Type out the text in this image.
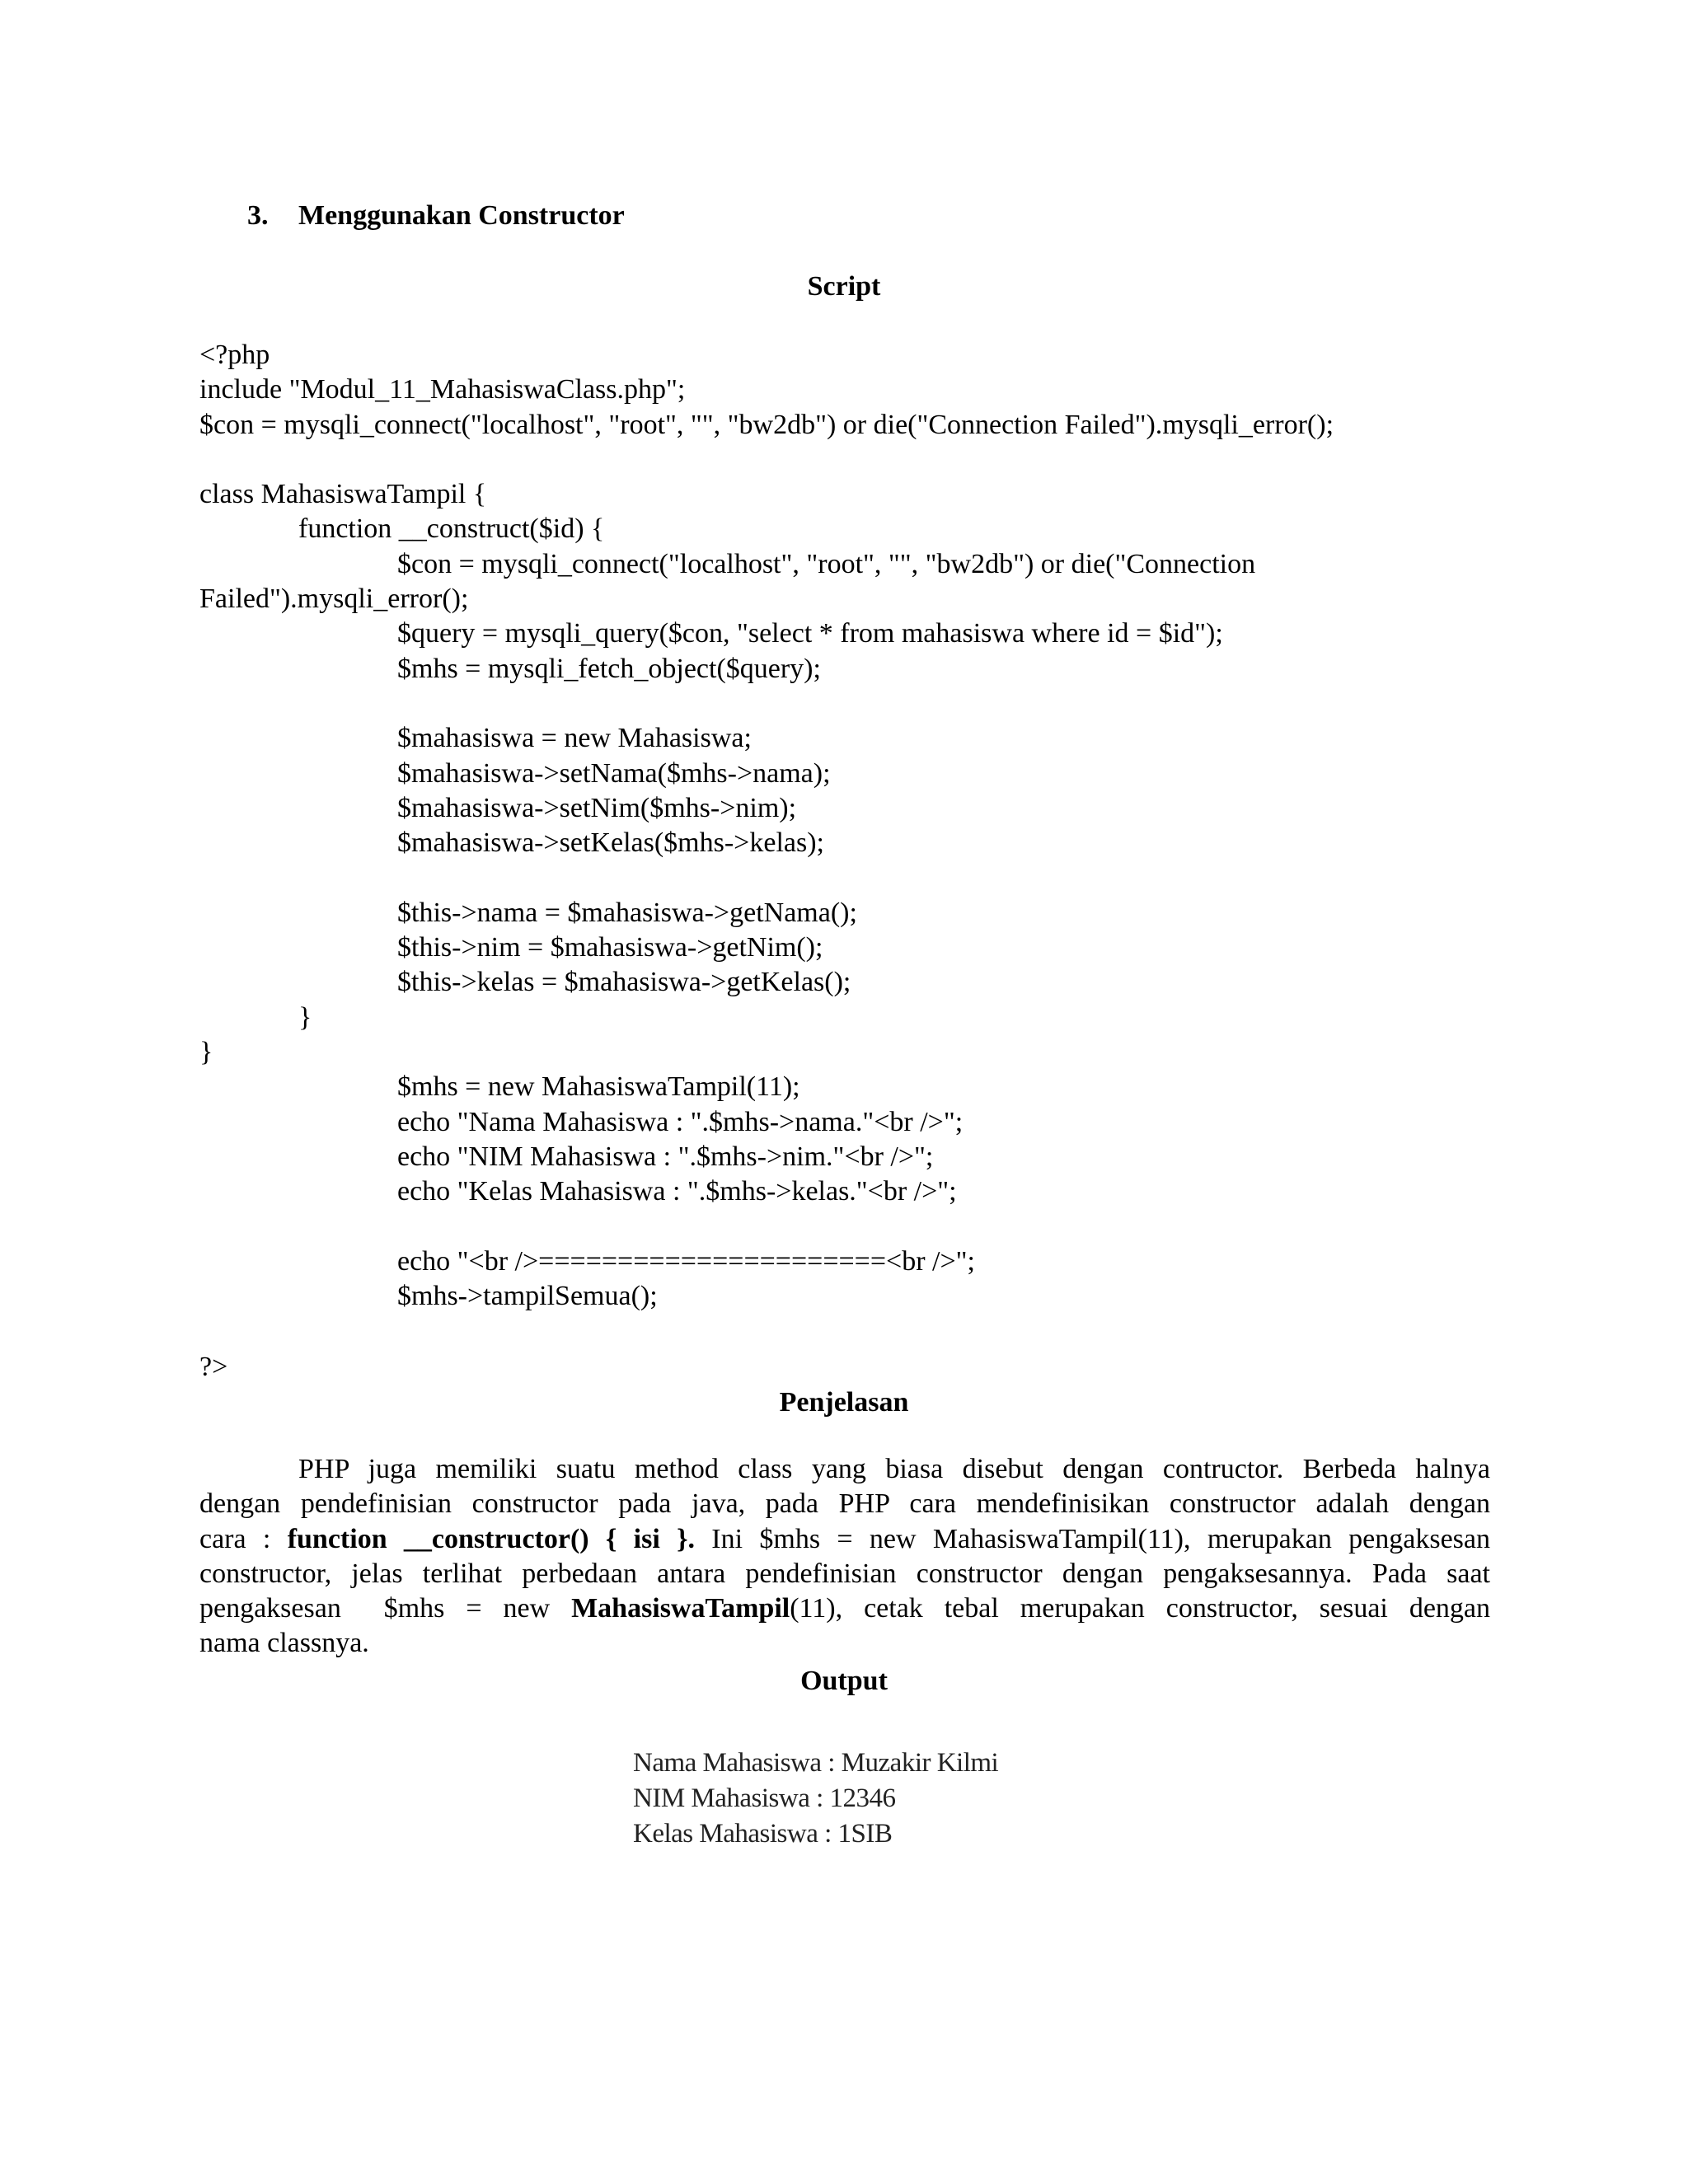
3. Menggunakan Constructor
Script
<?php
include "Modul_11_MahasiswaClass.php";
$con = mysqli_connect("localhost", "root", "", "bw2db") or die("Connection Failed").mysqli_error();
class MahasiswaTampil {
function __construct($id) {
$con = mysqli_connect("localhost", "root", "", "bw2db") or die("Connection
Failed").mysqli_error();
$query = mysqli_query($con, "select * from mahasiswa where id = $id");
$mhs = mysqli_fetch_object($query);
$mahasiswa = new Mahasiswa;
$mahasiswa->setNama($mhs->nama);
$mahasiswa->setNim($mhs->nim);
$mahasiswa->setKelas($mhs->kelas);
$this->nama = $mahasiswa->getNama();
$this->nim = $mahasiswa->getNim();
$this->kelas = $mahasiswa->getKelas();
}
}
$mhs = new MahasiswaTampil(11);
echo "Nama Mahasiswa : ".$mhs->nama."<br />";
echo "NIM Mahasiswa : ".$mhs->nim."<br />";
echo "Kelas Mahasiswa : ".$mhs->kelas."<br />";
echo "<br />======================<br />";
$mhs->tampilSemua();
?>
Penjelasan
PHP juga memiliki suatu method class yang biasa disebut dengan contructor. Berbeda halnya
dengan pendefinisian constructor pada java, pada PHP cara mendefinisikan constructor adalah dengan
cara : function __constructor() { isi }. Ini $mhs = new MahasiswaTampil(11), merupakan pengaksesan
constructor, jelas terlihat perbedaan antara pendefinisian constructor dengan pengaksesannya. Pada saat
pengaksesan  $mhs = new MahasiswaTampil(11), cetak tebal merupakan constructor, sesuai dengan
nama classnya.
Output
Nama Mahasiswa : Muzakir Kilmi
NIM Mahasiswa : 12346
Kelas Mahasiswa : 1SIB
